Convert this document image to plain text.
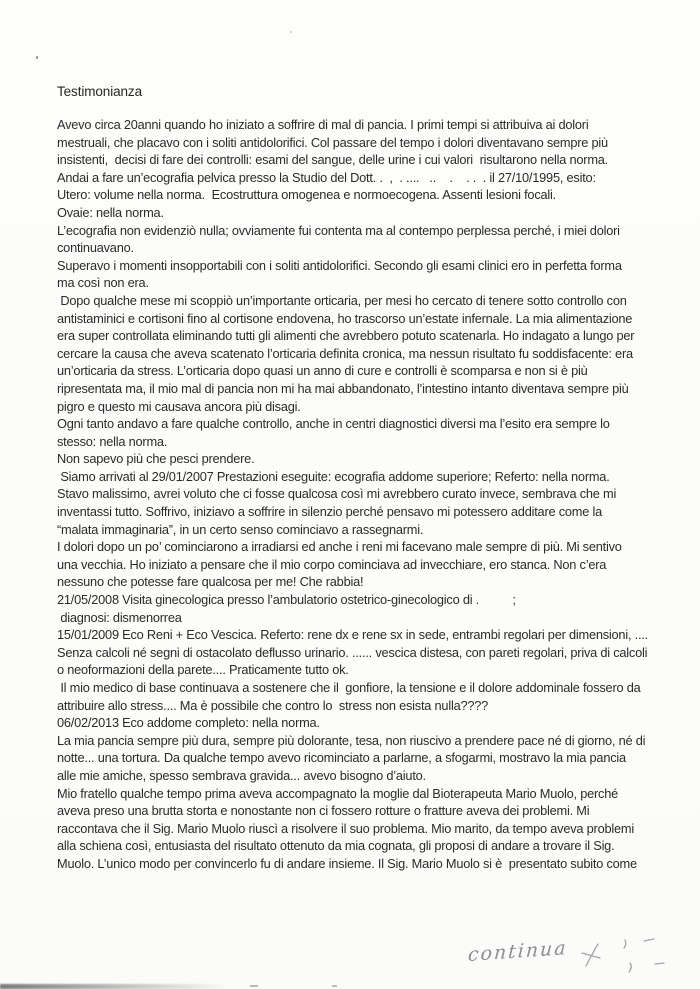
Testimonianza
Avevo circa 20anni quando ho iniziato a soffrire di mal di pancia. I primi tempi si attribuiva ai dolori
mestruali, che placavo con i soliti antidolorifici. Col passare del tempo i dolori diventavano sempre più
insistenti,  decisi di fare dei controlli: esami del sangue, delle urine i cui valori  risultarono nella norma.
Andai a fare un’ecografia pelvica presso la Studio del Dott. .  ,  . ....   ..    .    . .  . il 27/10/1995, esito:
Utero: volume nella norma.  Ecostruttura omogenea e normoecogena. Assenti lesioni focali.
Ovaie: nella norma.
L’ecografia non evidenziò nulla; ovviamente fui contenta ma al contempo perplessa perché, i miei dolori
continuavano.
Superavo i momenti insopportabili con i soliti antidolorifici. Secondo gli esami clinici ero in perfetta forma
ma così non era.
Dopo qualche mese mi scoppiò un’importante orticaria, per mesi ho cercato di tenere sotto controllo con
antistaminici e cortisoni fino al cortisone endovena, ho trascorso un’estate infernale. La mia alimentazione
era super controllata eliminando tutti gli alimenti che avrebbero potuto scatenarla. Ho indagato a lungo per
cercare la causa che aveva scatenato l’orticaria definita cronica, ma nessun risultato fu soddisfacente: era
un’orticaria da stress. L’orticaria dopo quasi un anno di cure e controlli è scomparsa e non si è più
ripresentata ma, il mio mal di pancia non mi ha mai abbandonato, l’intestino intanto diventava sempre più
pigro e questo mi causava ancora più disagi.
Ogni tanto andavo a fare qualche controllo, anche in centri diagnostici diversi ma l’esito era sempre lo
stesso: nella norma.
Non sapevo più che pesci prendere.
Siamo arrivati al 29/01/2007 Prestazioni eseguite: ecografia addome superiore; Referto: nella norma.
Stavo malissimo, avrei voluto che ci fosse qualcosa così mi avrebbero curato invece, sembrava che mi
inventassi tutto. Soffrivo, iniziavo a soffrire in silenzio perché pensavo mi potessero additare come la
“malata immaginaria”, in un certo senso cominciavo a rassegnarmi.
I dolori dopo un po’ cominciarono a irradiarsi ed anche i reni mi facevano male sempre di più. Mi sentivo
una vecchia. Ho iniziato a pensare che il mio corpo cominciava ad invecchiare, ero stanca. Non c’era
nessuno che potesse fare qualcosa per me! Che rabbia!
21/05/2008 Visita ginecologica presso l’ambulatorio ostetrico-ginecologico di .          ;
diagnosi: dismenorrea
15/01/2009 Eco Reni + Eco Vescica. Referto: rene dx e rene sx in sede, entrambi regolari per dimensioni, ....
Senza calcoli né segni di ostacolato deflusso urinario. ...... vescica distesa, con pareti regolari, priva di calcoli
o neoformazioni della parete.... Praticamente tutto ok.
Il mio medico di base continuava a sostenere che il  gonfiore, la tensione e il dolore addominale fossero da
attribuire allo stress.... Ma è possibile che contro lo  stress non esista nulla????
06/02/2013 Eco addome completo: nella norma.
La mia pancia sempre più dura, sempre più dolorante, tesa, non riuscivo a prendere pace né di giorno, né di
notte... una tortura. Da qualche tempo avevo ricominciato a parlarne, a sfogarmi, mostravo la mia pancia
alle mie amiche, spesso sembrava gravida... avevo bisogno d’aiuto.
Mio fratello qualche tempo prima aveva accompagnato la moglie dal Bioterapeuta Mario Muolo, perché
aveva preso una brutta storta e nonostante non ci fossero rotture o fratture aveva dei problemi. Mi
raccontava che il Sig. Mario Muolo riuscì a risolvere il suo problema. Mio marito, da tempo aveva problemi
alla schiena così, entusiasta del risultato ottenuto da mia cognata, gli proposi di andare a trovare il Sig.
Muolo. L’unico modo per convincerlo fu di andare insieme. Il Sig. Mario Muolo si è  presentato subito come
continua
